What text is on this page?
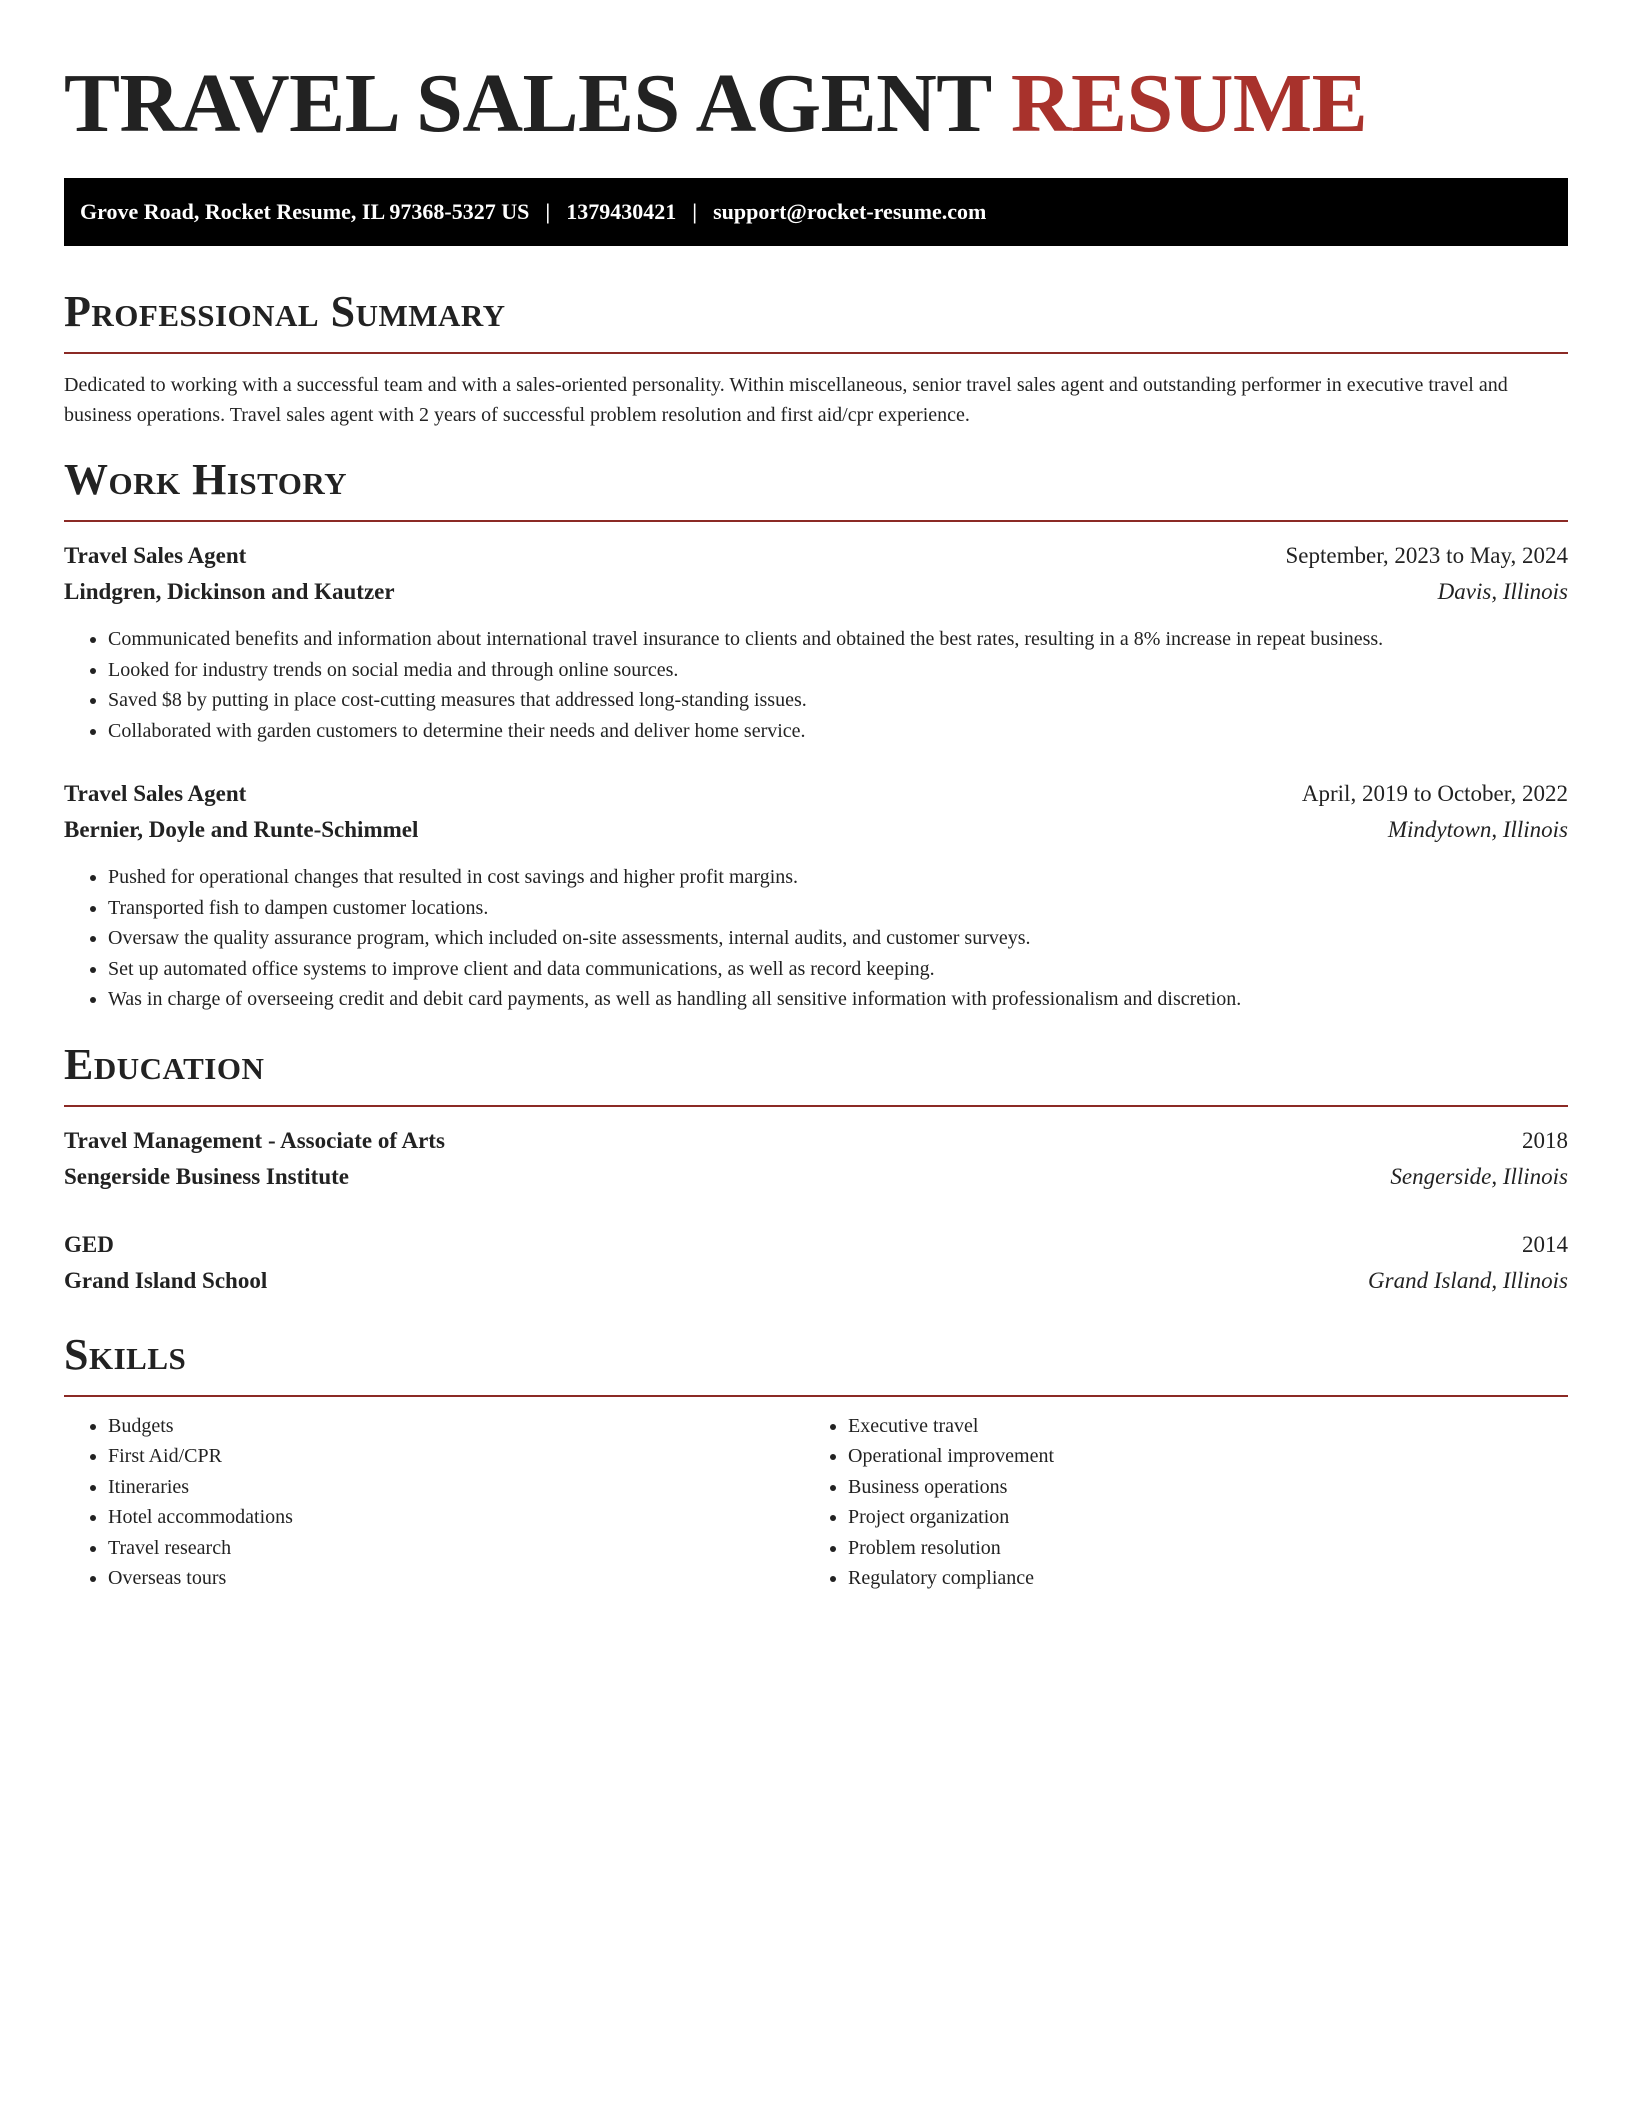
TRAVEL SALES AGENT RESUME
Grove Road, Rocket Resume, IL 97368-5327 US | 1379430421 | support@rocket-resume.com
Professional Summary

Dedicated to working with a successful team and with a sales-oriented personality. Within miscellaneous, senior travel sales agent and outstanding performer in executive travel and business operations. Travel sales agent with 2 years of successful problem resolution and first aid/cpr experience.

Work History
Travel Sales Agent	September, 2023 to May, 2024
Lindgren, Dickinson and Kautzer	Davis, Illinois
• Communicated benefits and information about international travel insurance to clients and obtained the best rates, resulting in a 8% increase in repeat business.
• Looked for industry trends on social media and through online sources.
• Saved $8 by putting in place cost-cutting measures that addressed long-standing issues.
• Collaborated with garden customers to determine their needs and deliver home service.
Travel Sales Agent	April, 2019 to October, 2022
Bernier, Doyle and Runte-Schimmel	Mindytown, Illinois
• Pushed for operational changes that resulted in cost savings and higher profit margins.
• Transported fish to dampen customer locations.
• Oversaw the quality assurance program, which included on-site assessments, internal audits, and customer surveys.
• Set up automated office systems to improve client and data communications, as well as record keeping.
• Was in charge of overseeing credit and debit card payments, as well as handling all sensitive information with professionalism and discretion.
Education
Travel Management - Associate of Arts	2018
Sengerside Business Institute	Sengerside, Illinois
GED	2014
Grand Island School	Grand Island, Illinois
Skills
• Budgets
• First Aid/CPR
• Itineraries
• Hotel accommodations
• Travel research
• Overseas tours
• Executive travel
• Operational improvement
• Business operations
• Project organization
• Problem resolution
• Regulatory compliance
